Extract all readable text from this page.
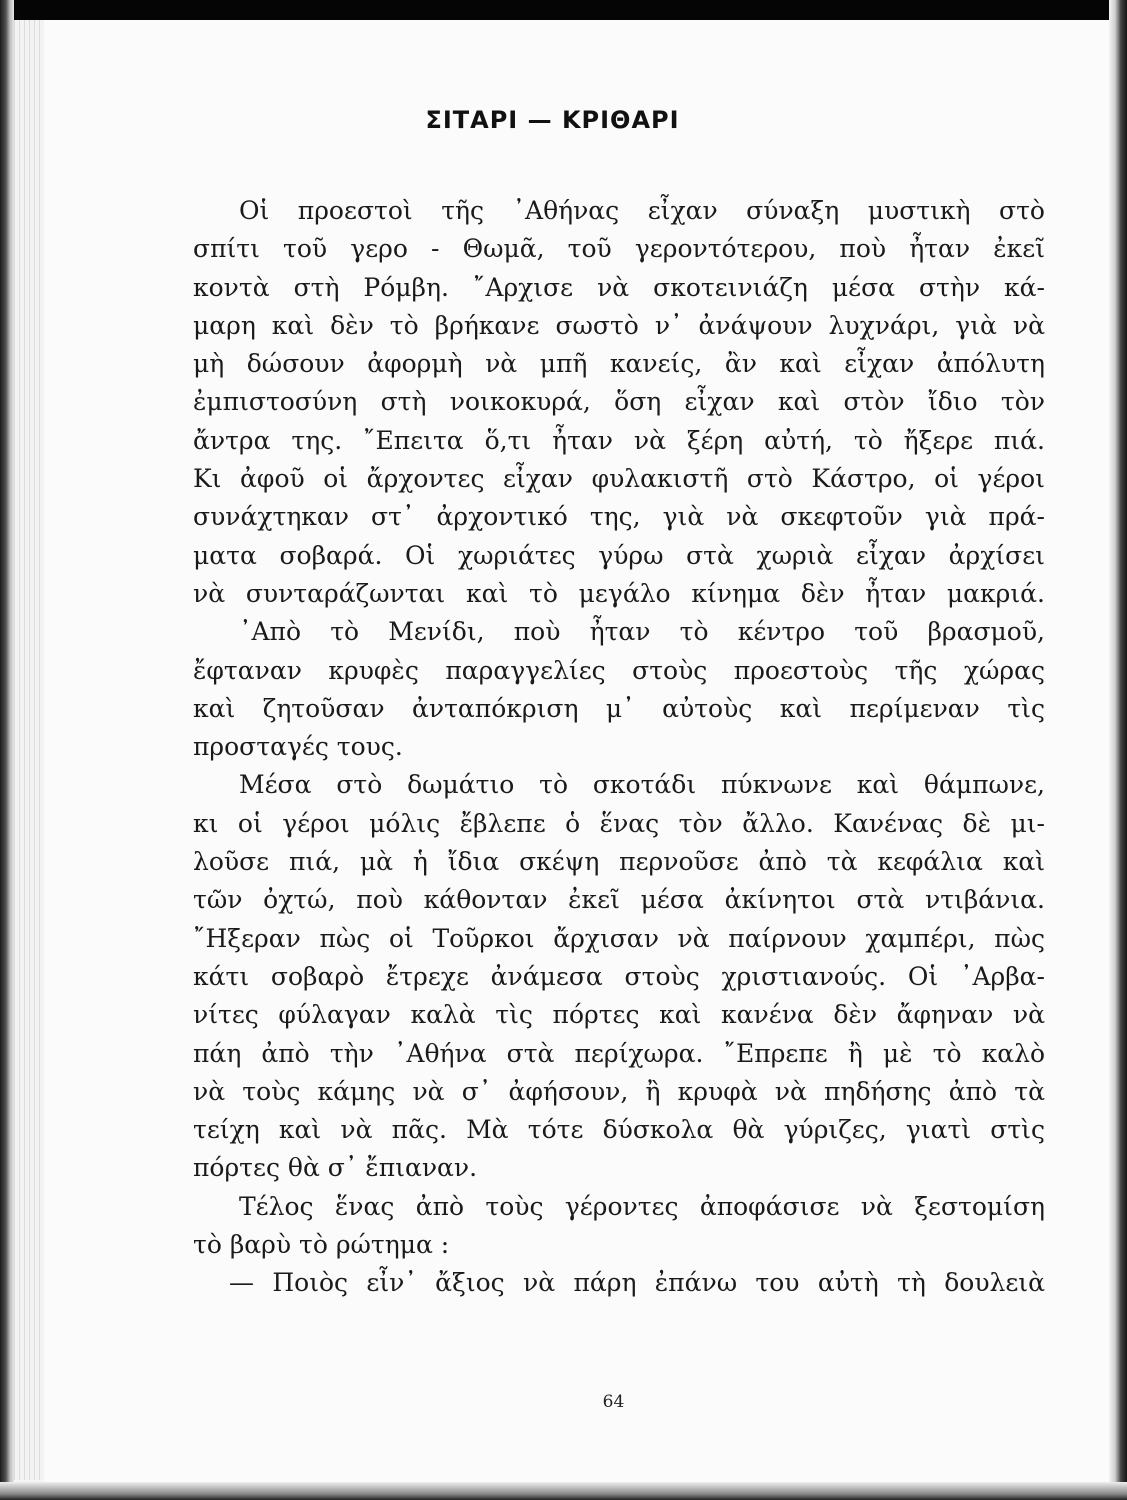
ΣΙΤΑΡΙ — ΚΡΙΘΑΡΙ
Οἱ προεστοὶ τῆς ᾿Αθήνας εἶχαν σύναξη μυστικὴ στὸ
σπίτι τοῦ γερο - Θωμᾶ, τοῦ γεροντότερου, ποὺ ἦταν ἐκεῖ
κοντὰ στὴ Ρόμβη. ῎Αρχισε νὰ σκοτεινιάζη μέσα στὴν κά-
μαρη καὶ δὲν τὸ βρήκανε σωστὸ ν᾿ ἀνάψουν λυχνάρι, γιὰ νὰ
μὴ δώσουν ἀφορμὴ νὰ μπῆ κανείς, ἂν καὶ εἶχαν ἀπόλυτη
ἐμπιστοσύνη στὴ νοικοκυρά, ὅση εἶχαν καὶ στὸν ἴδιο τὸν
ἄντρα της. ῎Επειτα ὅ,τι ἦταν νὰ ξέρη αὐτή, τὸ ἤξερε πιά.
Κι ἀφοῦ οἱ ἄρχοντες εἶχαν φυλακιστῆ στὸ Κάστρο, οἱ γέροι
συνάχτηκαν στ᾿ ἀρχοντικό της, γιὰ νὰ σκεφτοῦν γιὰ πρά-
ματα σοβαρά. Οἱ χωριάτες γύρω στὰ χωριὰ εἶχαν ἀρχίσει
νὰ συνταράζωνται καὶ τὸ μεγάλο κίνημα δὲν ἦταν μακριά.
᾿Απὸ τὸ Μενίδι, ποὺ ἦταν τὸ κέντρο τοῦ βρασμοῦ,
ἔφταναν κρυφὲς παραγγελίες στοὺς προεστοὺς τῆς χώρας
καὶ ζητοῦσαν ἀνταπόκριση μ᾿ αὐτοὺς καὶ περίμεναν τὶς
προσταγές τους.
Μέσα στὸ δωμάτιο τὸ σκοτάδι πύκνωνε καὶ θάμπωνε,
κι οἱ γέροι μόλις ἔβλεπε ὁ ἕνας τὸν ἄλλο. Κανένας δὲ μι-
λοῦσε πιά, μὰ ἡ ἴδια σκέψη περνοῦσε ἀπὸ τὰ κεφάλια καὶ
τῶν ὀχτώ, ποὺ κάθονταν ἐκεῖ μέσα ἀκίνητοι στὰ ντιβάνια.
῎Ηξεραν πὼς οἱ Τοῦρκοι ἄρχισαν νὰ παίρνουν χαμπέρι, πὼς
κάτι σοβαρὸ ἔτρεχε ἀνάμεσα στοὺς χριστιανούς. Οἱ ᾿Αρβα-
νίτες φύλαγαν καλὰ τὶς πόρτες καὶ κανένα δὲν ἄφηναν νὰ
πάη ἀπὸ τὴν ᾿Αθήνα στὰ περίχωρα. ῎Επρεπε ἢ μὲ τὸ καλὸ
νὰ τοὺς κάμης νὰ σ᾿ ἀφήσουν, ἢ κρυφὰ νὰ πηδήσης ἀπὸ τὰ
τείχη καὶ νὰ πᾶς. Μὰ τότε δύσκολα θὰ γύριζες, γιατὶ στὶς
πόρτες θὰ σ᾿ ἔπιαναν.
Τέλος ἕνας ἀπὸ τοὺς γέροντες ἀποφάσισε νὰ ξεστομίση
τὸ βαρὺ τὸ ρώτημα :
— Ποιὸς εἶν᾿ ἄξιος νὰ πάρη ἐπάνω του αὐτὴ τὴ δουλειὰ
64
